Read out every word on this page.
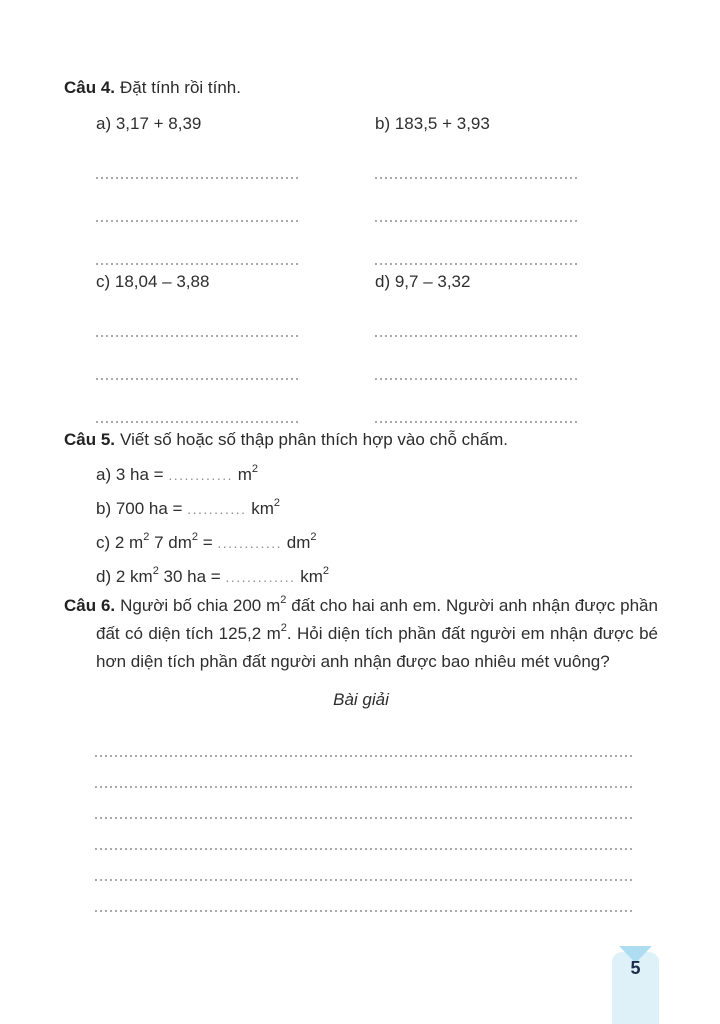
Câu 4. Đặt tính rồi tính.
a) 3,17 + 8,39	b) 183,5 + 3,93
c) 18,04 – 3,88	d) 9,7 – 3,32
Câu 5. Viết số hoặc số thập phân thích hợp vào chỗ chấm.
a) 3 ha = ............ $m^2$
b) 700 ha = ........... $km^2$
c) 2 $m^2$ 7 $dm^2$ = ............ $dm^2$
d) 2 $km^2$ 30 ha = ............. $km^2$

Câu 6. Người bố chia 200 $m^2$ đất cho hai anh em. Người anh nhận được phần đất có diện tích 125,2 $m^2$. Hỏi diện tích phần đất người em nhận được bé hơn diện tích phần đất người anh nhận được bao nhiêu mét vuông?

Bài giải
5
